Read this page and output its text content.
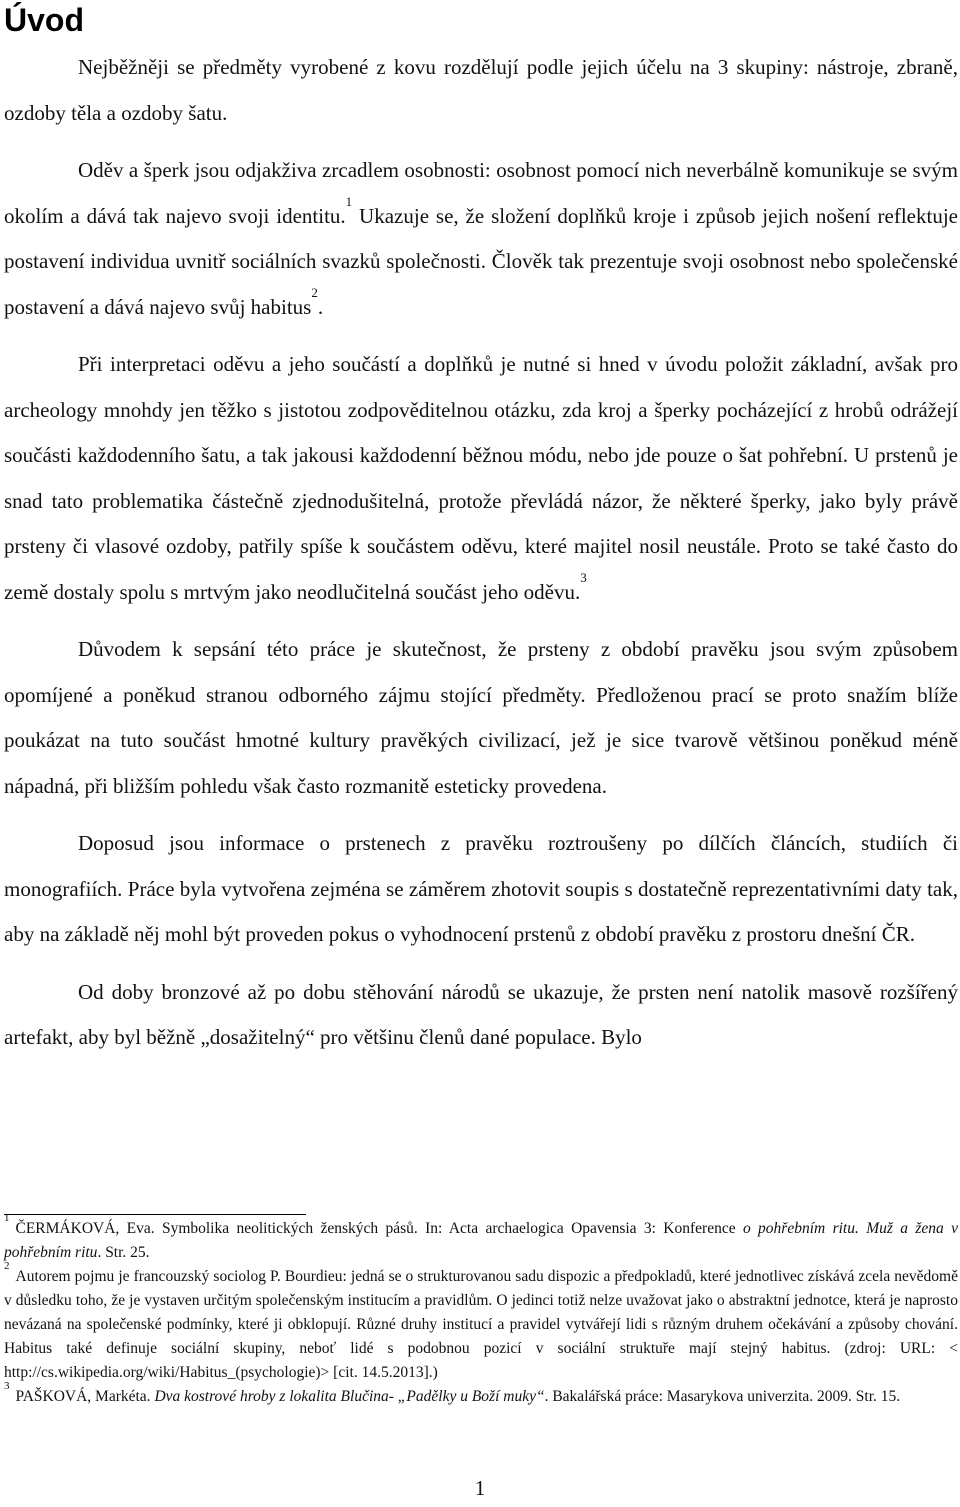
Úvod

Nejběžněji se předměty vyrobené z kovu rozdělují podle jejich účelu na 3 skupiny: nástroje, zbraně, ozdoby těla a ozdoby šatu.

Oděv a šperk jsou odjakživa zrcadlem osobnosti: osobnost pomocí nich neverbálně komunikuje se svým okolím a dává tak najevo svoji identitu.$^1$ Ukazuje se, že složení doplňků kroje i způsob jejich nošení reflektuje postavení individua uvnitř sociálních svazků společnosti. Člověk tak prezentuje svoji osobnost nebo společenské postavení a dává najevo svůj habitus$^2$.

Při interpretaci oděvu a jeho součástí a doplňků je nutné si hned v úvodu položit základní, avšak pro archeology mnohdy jen těžko s jistotou zodpověditelnou otázku, zda kroj a šperky pocházející z hrobů odrážejí součásti každodenního šatu, a tak jakousi každodenní běžnou módu, nebo jde pouze o šat pohřební. U prstenů je snad tato problematika částečně zjednodušitelná, protože převládá názor, že některé šperky, jako byly právě prsteny či vlasové ozdoby, patřily spíše k součástem oděvu, které majitel nosil neustále. Proto se také často do země dostaly spolu s mrtvým jako neodlučitelná součást jeho oděvu.$^3$

Důvodem k sepsání této práce je skutečnost, že prsteny z období pravěku jsou svým způsobem opomíjené a poněkud stranou odborného zájmu stojící předměty. Předloženou prací se proto snažím blíže poukázat na tuto součást hmotné kultury pravěkých civilizací, jež je sice tvarově většinou poněkud méně nápadná, při bližším pohledu však často rozmanitě esteticky provedena.

Doposud jsou informace o prstenech z pravěku roztroušeny po dílčích článcích, studiích či monografiích. Práce byla vytvořena zejména se záměrem zhotovit soupis s dostatečně reprezentativními daty tak, aby na základě něj mohl být proveden pokus o vyhodnocení prstenů z období pravěku z prostoru dnešní ČR.

Od doby bronzové až po dobu stěhování národů se ukazuje, že prsten není natolik masově rozšířený artefakt, aby byl běžně „dosažitelný“ pro většinu členů dané populace. Bylo

$^1$ČERMÁKOVÁ, Eva. Symbolika neolitických ženských pásů. In: Acta archaelogica Opavensia 3: Konference o pohřebním ritu. Muž a žena v pohřebním ritu. Str. 25.

$^2$Autorem pojmu je francouzský sociolog P. Bourdieu: jedná se o strukturovanou sadu dispozic a předpokladů, které jednotlivec získává zcela nevědomě v důsledku toho, že je vystaven určitým společenským institucím a pravidlům. O jedinci totiž nelze uvažovat jako o abstraktní jednotce, která je naprosto nevázaná na společenské podmínky, které ji obklopují. Různé druhy institucí a pravidel vytvářejí lidi s různým druhem očekávání a způsoby chování. Habitus také definuje sociální skupiny, neboť lidé s podobnou pozicí v sociální struktuře mají stejný habitus. (zdroj: URL: < http://cs.wikipedia.org/wiki/Habitus_(psychologie)> [cit. 14.5.2013].)

$^3$PAŠKOVÁ, Markéta. Dva kostrové hroby z lokalita Blučina- „Padělky u Boží muky“. Bakalářská práce: Masarykova univerzita. 2009. Str. 15.

1
